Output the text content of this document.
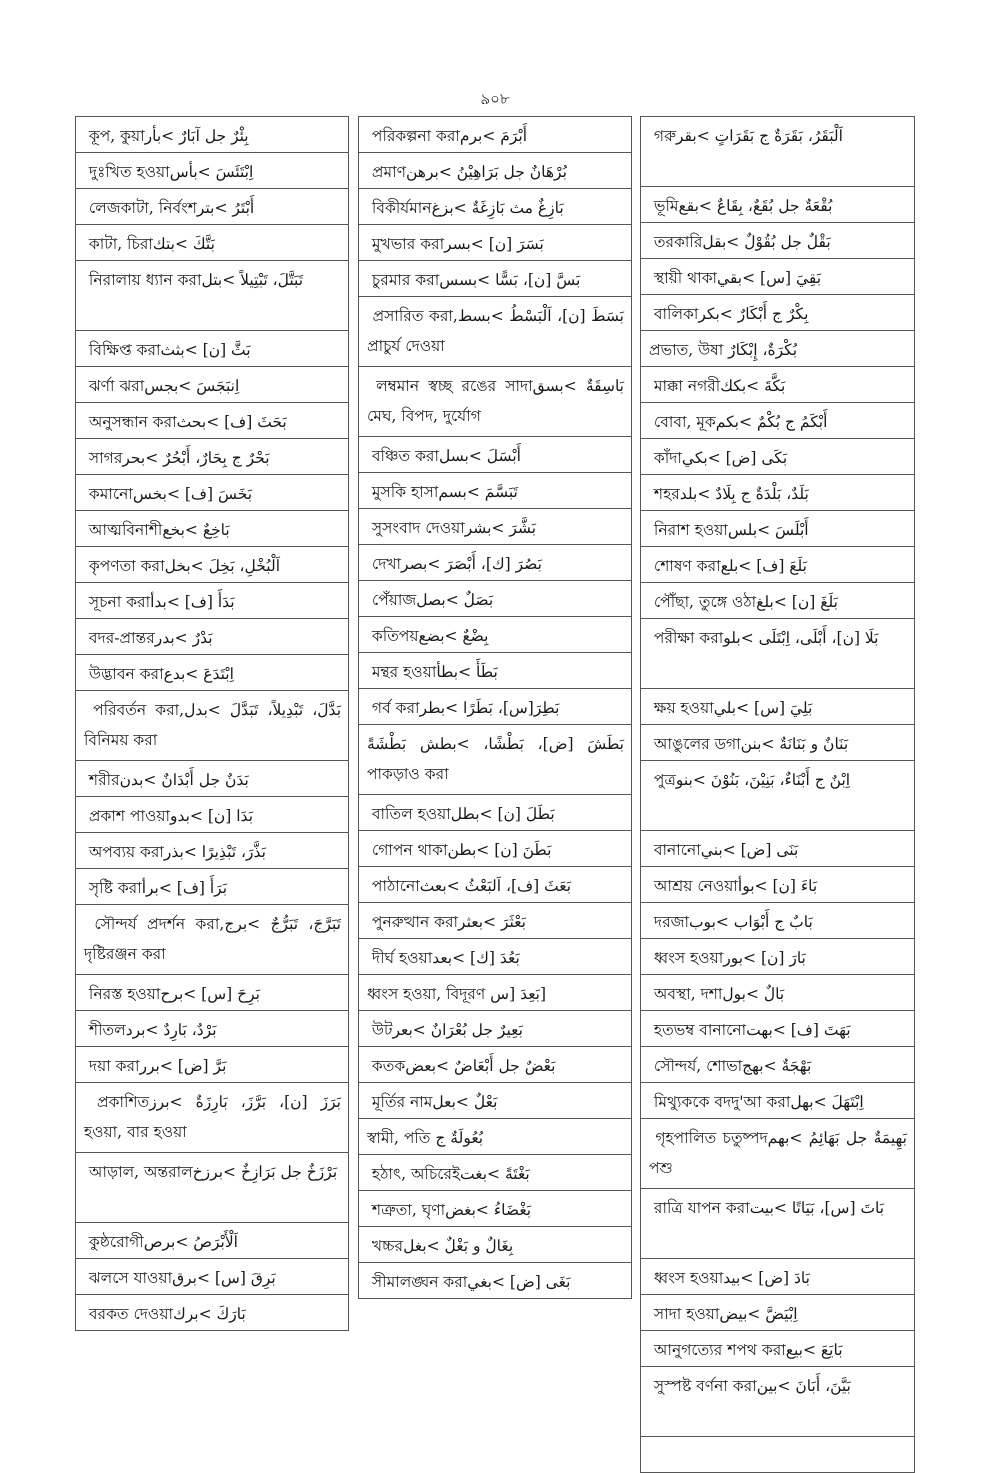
৯০৮
بِئْرٌ جل آبَارٌ ‎>بأر‎ কূপ, কুয়া
اِبْتَئَسَ ‎>بأس‎ দুঃখিত হওয়া
أَبْتَرُ ‎>بتر‎ লেজকাটা, নির্বংশ
بَتَّكَ ‎>بتك‎ কাটা, চিরা
تَبَتَّلَ، تَبْتِيلاً ‎>بتل‎ নিরালায় ধ্যান করা
بَثَّ [ن] ‎>بثث‎ বিক্ষিপ্ত করা
اِنبَجَسَ ‎>بجس‎ ঝর্ণা ঝরা
بَحَثَ [ف] ‎>بحث‎ অনুসন্ধান করা
بَحْرٌ ج بِحَارٌ، أَبْحُرٌ ‎>بحر‎ সাগর
بَخَسَ [ف] ‎>بخس‎ কমানো
بَاخِعٌ ‎>بخع‎ আত্মবিনাশী
اَلْبُخْلِ، بَخِلَ ‎>بخل‎ কৃপণতা করা
بَدَأَ [ف] ‎>بدأ‎ সূচনা করা
بَدْرٌ ‎>بدر‎ বদর-প্রান্তর
اِبْتَدَعَ ‎>بدع‎ উদ্ভাবন করা
بَدَّلَ، تَبْدِيلاً، تَبَدَّلَ ‎>بدل‎ পরিবর্তন করা, বিনিময় করা
بَدَنٌ جل أَبْدَانٌ ‎>بدن‎ শরীর
بَدَا [ن] ‎>بدو‎ প্রকাশ পাওয়া
بَذَّرَ، تَبْذِيرًا ‎>بذر‎ অপব্যয় করা
بَرَأَ [ف] ‎>برأ‎ সৃষ্টি করা
تَبَرَّجَ، تَبَرُّجٌ ‎>برج‎ সৌন্দর্য প্রদর্শন করা, দৃষ্টিরঞ্জন করা
بَرِحَ [س] ‎>برح‎ নিরস্ত হওয়া
بَرْدٌ، بَارِدٌ ‎>برد‎ শীতল
بَرَّ [ض] ‎>برر‎ দয়া করা
بَرَزَ [ن]، بَرَّزَ، بَارِزَةٌ ‎>برز‎ প্রকাশিত হওয়া, বার হওয়া
بَرْزَخٌ جل بَرَازِخٌ ‎>برزخ‎ আড়াল, অন্তরাল
اَلْأَبْرَصُ ‎>برص‎ কুষ্ঠরোগী
بَرِقَ [س] ‎>برق‎ ঝলসে যাওয়া
بَارَكَ ‎>برك‎ বরকত দেওয়া
أَبْرَمَ ‎>برم‎ পরিকল্পনা করা
بُرْهَانٌ جل بَرَاهِيْنُ ‎>برهن‎ প্রমাণ
بَازِغٌ مث بَازِغَةٌ ‎>بزغ‎ বিকীর্যমান
بَسَرَ [ن] ‎>بسر‎ মুখভার করা
بَسَّ [ن]، بَسًّا ‎>بسس‎ চুরমার করা
بَسَطَ [ن]، اَلْبَسْطُ ‎>بسط‎ প্রসারিত করা, প্রাচুর্য দেওয়া
بَاسِقَةٌ ‎>بسق‎ লম্বমান স্বচ্ছ রঙের সাদা মেঘ, বিপদ, দুর্যোগ
أَبْسَلَ ‎>بسل‎ বঞ্চিত করা
تَبَسَّمَ ‎>بسم‎ মুসকি হাসা
بَشَّرَ ‎>بشر‎ সুসংবাদ দেওয়া
بَصُرَ [ك]، أَبْصَرَ ‎>بصر‎ দেখা
بَصَلٌ ‎>بصل‎ পেঁয়াজ
بِضْعٌ ‎>بضع‎ কতিপয়
بَطَأَ ‎>بطأ‎ মন্থর হওয়া
بَطِرَ[س]، بَطَرًا ‎>بطر‎ গর্ব করা
بَطَشَ [ض]، بَطْشًا، ‎>بطش بَطْشَةً‎ পাকড়াও করা
بَطَلَ [ن] ‎>بطل‎ বাতিল হওয়া
بَطَنَ [ن] ‎>بطن‎ গোপন থাকা
بَعَثَ [ف]، اَلبَعْثُ ‎>بعث‎ পাঠানো
بَعْثَرَ ‎>بعثر‎ পুনরুত্থান করা
بَعُدَ [ك] ‎>بعد‎ দীর্ঘ হওয়া
[بَعِدَ [س ধ্বংস হওয়া, বিদূরণ
بَعِيرٌ جل بُعْرَانٌ ‎>بعر‎ উট
بَعْضٌ جل أَبْعَاضٌ ‎>بعض‎ কতক
بَعْلٌ ‎>بعل‎ মূর্তির নাম
بُعُولَةٌ ج স্বামী, পতি
بَغْتَةً ‎>بغت‎ হঠাৎ, অচিরেই
بَغْضَاءُ ‎>بغض‎ শত্রুতা, ঘৃণা
بِغَالٌ و بَغْلٌ ‎>بغل‎ খচ্চর
بَغَى [ض] ‎>بغي‎ সীমালঙ্ঘন করা
اَلْبَقَرُ، بَقَرَةٌ ج بَقَرَاتٍ ‎>بقر‎ গরু
بُقْعَةٌ جل بُقَعٌ، بِقَاعٌ ‎>بقع‎ ভূমি
بَقْلٌ جل بُقُوْلٌ ‎>بقل‎ তরকারি
بَقِيَ [س] ‎>بقي‎ স্থায়ী থাকা
بِكْرٌ ج أَبْكَارٌ ‎>بكر‎ বালিকা
بُكْرَةٌ، إِبْكَارٌ প্রভাত, উষা
بَكَّةَ ‎>بكك‎ মাক্কা নগরী
أَبْكَمُ ج بُكْمٌ ‎>بكم‎ বোবা, মূক
بَكَى [ض] ‎>بكي‎ কাঁদা
بَلَدٌ، بَلْدَةٌ ج بِلَادٌ ‎>بلد‎ শহর
أَبْلَسَ ‎>بلس‎ নিরাশ হওয়া
بَلَعَ [ف] ‎>بلع‎ শোষণ করা
بَلَغَ [ن] ‎>بلغ‎ পৌঁছা, তুঙ্গে ওঠা
بَلَا [ن]، أَبْلَى، اِبْتَلَى ‎>بلو‎ পরীক্ষা করা
بَلِيَ [س] ‎>بلي‎ ক্ষয় হওয়া
بَنَانٌ و بَنَانَةٌ ‎>بنن‎ আঙুলের ডগা
اِبْنٌ ج أَبْنَاءٌ، بَنِيْنَ، بَنُوْنَ ‎>بنو‎ পুত্র
بَنَى [ض] ‎>بني‎ বানানো
بَاءَ [ن] ‎>بوأ‎ আশ্রয় নেওয়া
بَابٌ ج أَبْوَاب ‎>بوب‎ দরজা
بَارَ [ن] ‎>بور‎ ধ্বংস হওয়া
بَالٌ ‎>بول‎ অবস্থা, দশা
بَهَتَ [ف] ‎>بهت‎ হতভম্ব বানানো
بَهْجَةٌ ‎>بهج‎ সৌন্দর্য, শোভা
اِبْتَهَلَ ‎>بهل‎ মিথ্যুককে বদদু'আ করা
بَهِيمَةٌ جل بَهَائِمُ ‎>بهم‎ গৃহপালিত চতুষ্পদ পশু
بَاتَ [س]، بَيَاتًا ‎>بيت‎ রাত্রি যাপন করা
بَادَ [ض] ‎>بيد‎ ধ্বংস হওয়া
اِبْيَضَّ ‎>بيض‎ সাদা হওয়া
بَايَعَ ‎>بيع‎ আনুগত্যের শপথ করা
بَيَّنَ، أَبَانَ ‎>بين‎ সুস্পষ্ট বর্ণনা করা
